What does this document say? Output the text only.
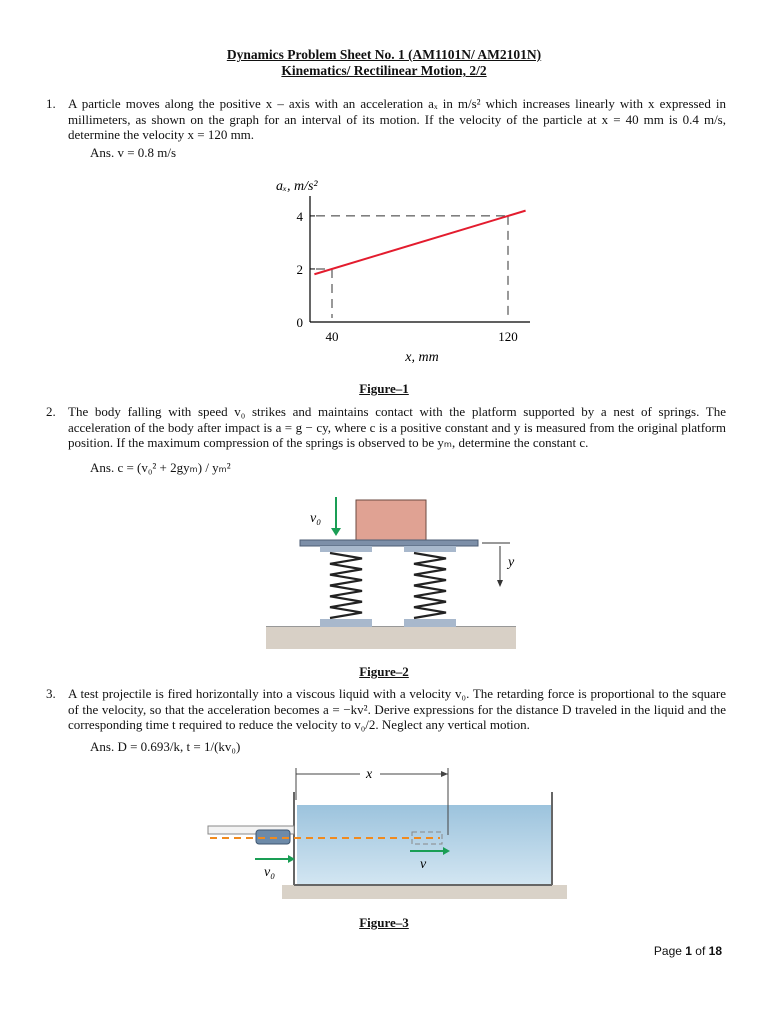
Dynamics Problem Sheet No. 1 (AM1101N/ AM2101N)
Kinematics/ Rectilinear Motion, 2/2
1. A particle moves along the positive x – axis with an acceleration aₓ in m/s² which increases linearly with x expressed in millimeters, as shown on the graph for an interval of its motion. If the velocity of the particle at x = 40 mm is 0.4 m/s, determine the velocity x = 120 mm.
Ans. v = 0.8 m/s
0
2
4
40	120
aₓ, m/s²
x, mm
Figure–1
2. The body falling with speed v₀ strikes and maintains contact with the platform supported by a nest of springs. The acceleration of the body after impact is a = g − cy, where c is a positive constant and y is measured from the original platform position. If the maximum compression of the springs is observed to be yₘ, determine the constant c.
Ans. c = (v₀² + 2gyₘ) / yₘ²
v₀
y
Figure–2
3. A test projectile is fired horizontally into a viscous liquid with a velocity v₀. The retarding force is proportional to the square of the velocity, so that the acceleration becomes a = −kv². Derive expressions for the distance D traveled in the liquid and the corresponding time t required to reduce the velocity to v₀/2. Neglect any vertical motion.
Ans. D = 0.693/k, t = 1/(kv₀)
x
v
v₀
Figure–3
Page 1 of 18
